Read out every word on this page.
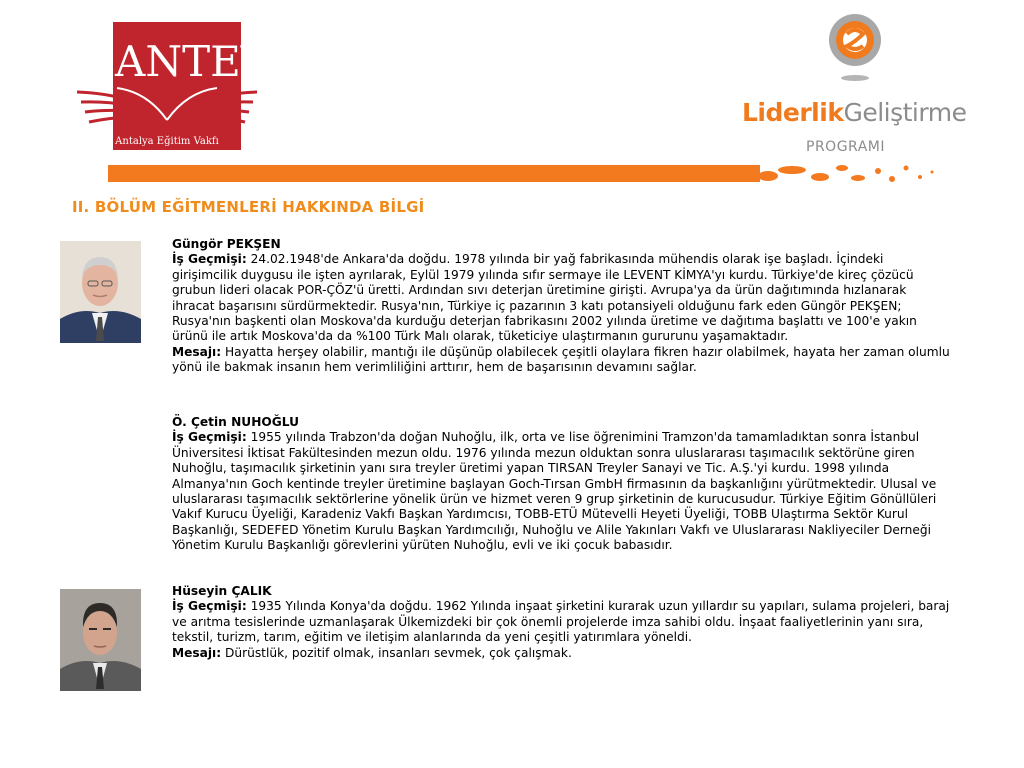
ANTEV
Antalya Eğitim Vakfı
LiderlikGeliştirme
PROGRAMI
II. BÖLÜM EĞİTMENLERİ HAKKINDA BİLGİ

Güngör PEKŞEN

İş Geçmişi: 24.02.1948'de Ankara'da doğdu. 1978 yılında bir yağ fabrikasında mühendis olarak işe başladı. İçindeki girişimcilik duygusu ile işten ayrılarak, Eylül 1979 yılında sıfır sermaye ile LEVENT KİMYA'yı kurdu. Türkiye'de kireç çözücü grubun lideri olacak POR-ÇÖZ'ü üretti. Ardından sıvı deterjan üretimine girişti. Avrupa'ya da ürün dağıtımında hızlanarak ihracat başarısını sürdürmektedir. Rusya'nın, Türkiye iç pazarının 3 katı potansiyeli olduğunu fark eden Güngör PEKŞEN; Rusya'nın başkenti olan Moskova'da kurduğu deterjan fabrikasını 2002 yılında üretime ve dağıtıma başlattı ve 100'e yakın ürünü ile artık Moskova'da da %100 Türk Malı olarak, tüketiciye ulaştırmanın gururunu yaşamaktadır.

Mesajı: Hayatta herşey olabilir, mantığı ile düşünüp olabilecek çeşitli olaylara fikren hazır olabilmek, hayata her zaman olumlu yönü ile bakmak insanın hem verimliliğini arttırır, hem de başarısının devamını sağlar.

Ö. Çetin NUHOĞLU

İş Geçmişi: 1955 yılında Trabzon'da doğan Nuhoğlu, ilk, orta ve lise öğrenimini Tramzon'da tamamladıktan sonra İstanbul Üniversitesi İktisat Fakültesinden mezun oldu. 1976 yılında mezun olduktan sonra uluslararası taşımacılık sektörüne giren Nuhoğlu, taşımacılık şirketinin yanı sıra treyler üretimi yapan TIRSAN Treyler Sanayi ve Tic. A.Ş.'yi kurdu. 1998 yılında Almanya'nın Goch kentinde treyler üretimine başlayan Goch-Tırsan GmbH firmasının da başkanlığını yürütmektedir. Ulusal ve uluslararası taşımacılık sektörlerine yönelik ürün ve hizmet veren 9 grup şirketinin de kurucusudur. Türkiye Eğitim Gönüllüleri Vakıf Kurucu Üyeliği, Karadeniz Vakfı Başkan Yardımcısı, TOBB-ETÜ Mütevelli Heyeti Üyeliği, TOBB Ulaştırma Sektör Kurul Başkanlığı, SEDEFED Yönetim Kurulu Başkan Yardımcılığı, Nuhoğlu ve Alile Yakınları Vakfı ve Uluslararası Nakliyeciler Derneği Yönetim Kurulu Başkanlığı görevlerini yürüten Nuhoğlu, evli ve iki çocuk babasıdır.

Hüseyin ÇALIK

İş Geçmişi: 1935 Yılında Konya'da doğdu. 1962 Yılında inşaat şirketini kurarak uzun yıllardır su yapıları, sulama projeleri, baraj ve arıtma tesislerinde uzmanlaşarak Ülkemizdeki bir çok önemli projelerde imza sahibi oldu. İnşaat faaliyetlerinin yanı sıra, tekstil, turizm, tarım, eğitim ve iletişim alanlarında da yeni çeşitli yatırımlara yöneldi.

Mesajı: Dürüstlük, pozitif olmak, insanları sevmek, çok çalışmak.
